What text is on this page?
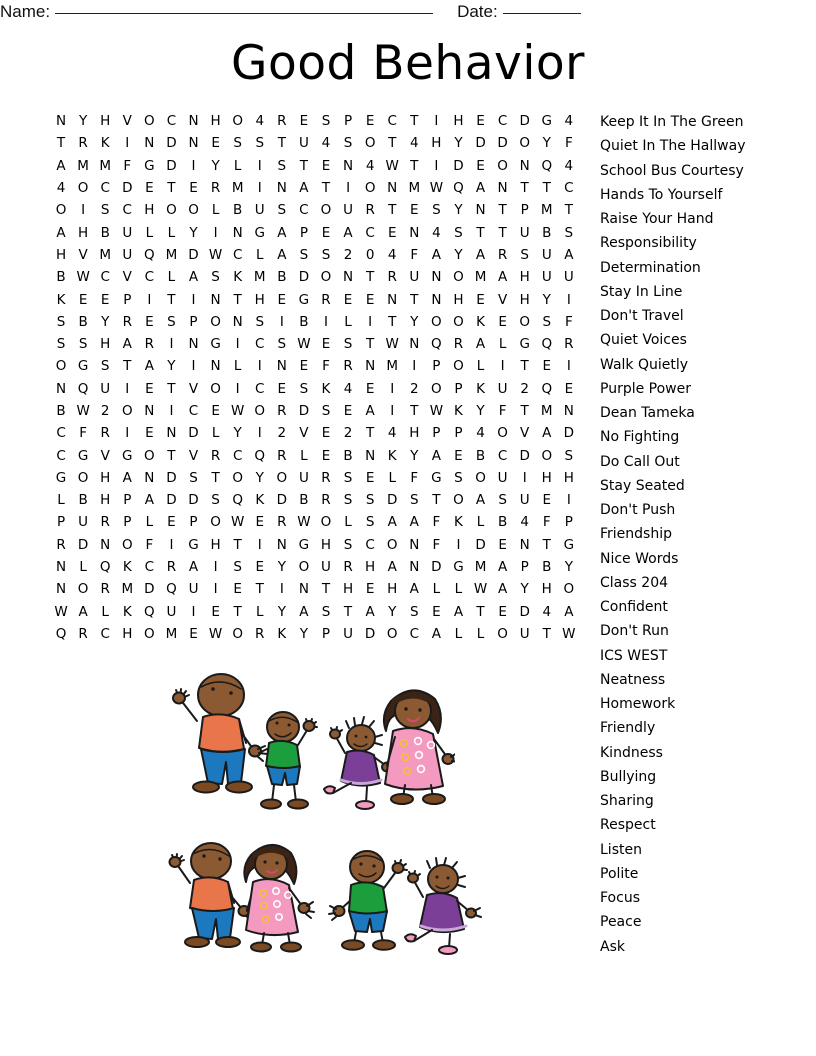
Name:	Date:
Good Behavior
N Y H V O C N H O 4 R E	S	P	E C T	I	H E C D G 4
T R K	I	N D N E	S	S	T U 4	S O T	4 H Y D D O Y	F
A M M F G D	I	Y	L	I	S	T	E N 4 W T	I	D E O N Q 4
4 O C D E	T	E R M	I	N A T	I	O N M W Q A N T	T C
O	I	S C H O O L	B U S C O U R T	E	S	Y N T	P M T
A H B U L	L	Y	I	N G A P	E A C E N 4	S	T	T U B S
H V M U Q M D W C	L	A S	S 2 0 4	F	A Y A R S U A
B W C V C	L	A S K M B D O N T R U N O M A H U U
K E	E	P	I	T	I	N T H E G R E	E N T N H E V H Y	I
S B Y R E	S	P O N S	I	B	I	L	I	T	Y O O K E O S	F
S	S H A R	I	N G	I	C S W E	S	T W N Q R A	L G Q R
O G S	T A Y	I	N L	I	N E	F	R N M	I	P O L	I	T	E	I
N Q U	I	E	T V O	I	C E	S K 4	E	I	2 O P	K U 2 Q E
B W 2 O N	I	C E W O R D S	E A	I	T W K	Y	F	T M N
C F	R	I	E N D L	Y	I	2 V E	2	T	4 H P	P	4 O V A D
C G V G O T V R C Q R	L	E B N K	Y A E B C D O S
G O H A N D S	T O Y O U R S	E	L	F G S O U	I	H H
L	B H P A D D S Q K D B R S	S D S	T O A S U E	I
P U R P	L	E	P O W E R W O L	S A A	F	K	L	B 4	F	P
R D N O F	I	G H T	I	N G H S C O N F	I	D E N T G
N L Q K C R A	I	S	E	Y O U R H A N D G M A P B Y
N O R M D Q U	I	E	T	I	N T H E H A	L	L W A Y H O
W A	L	K Q U	I	E	T	L	Y A S	T A Y	S	E A T	E D 4 A
Q R C H O M E W O R K	Y	P U D O C A	L	L O U T W
Keep It In The Green
Quiet In The Hallway
School Bus Courtesy
Hands To Yourself
Raise Your Hand
Responsibility
Determination
Stay In Line
Don't Travel
Quiet Voices
Walk Quietly
Purple Power
Dean Tameka
No Fighting
Do Call Out
Stay Seated
Don't Push
Friendship
Nice Words
Class 204
Confident
Don't Run
ICS WEST
Neatness
Homework
Friendly
Kindness
Bullying
Sharing
Respect
Listen
Polite
Focus
Peace
Ask
